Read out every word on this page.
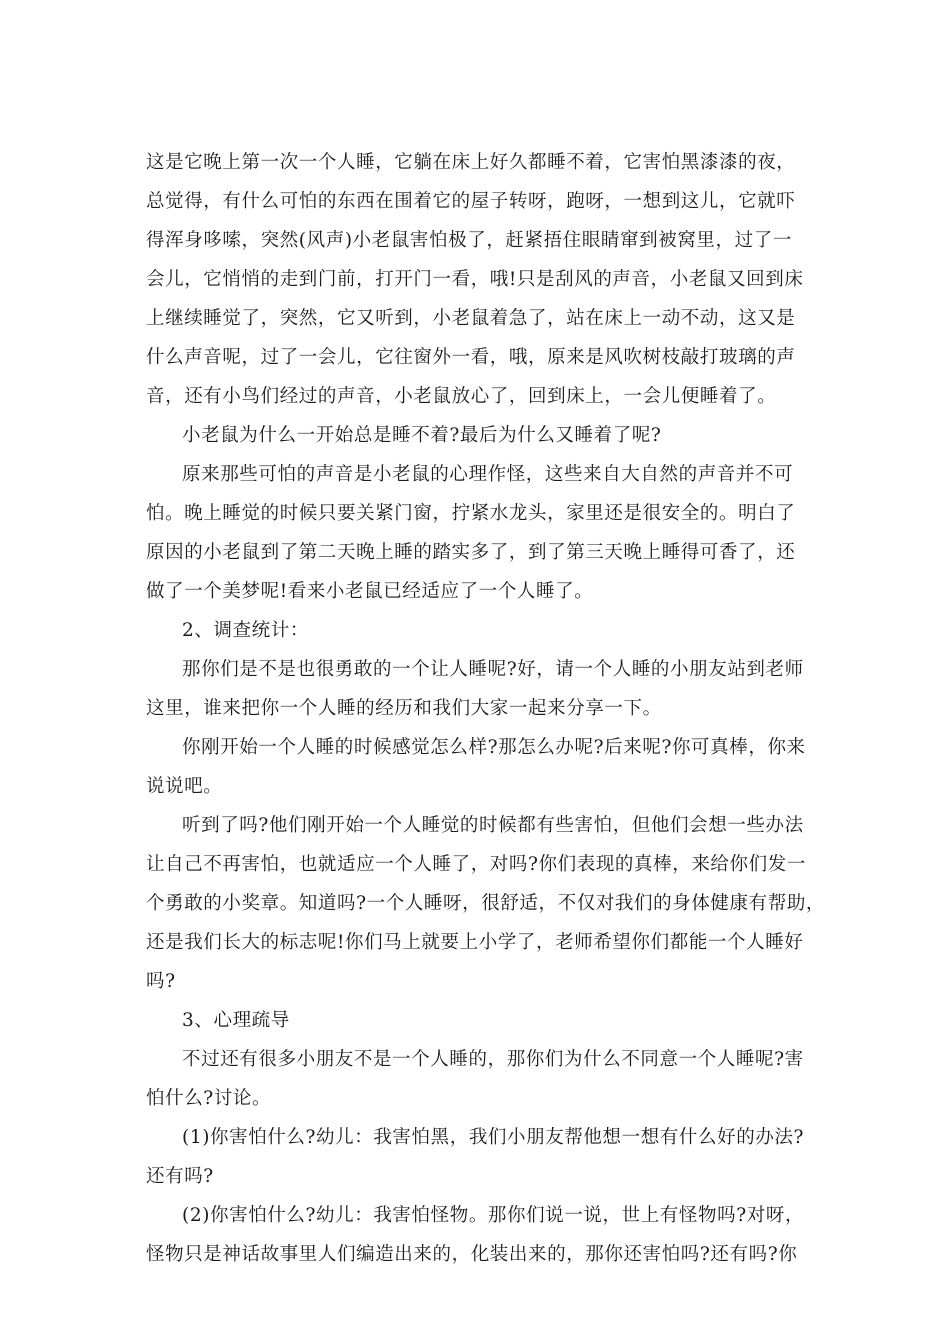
这是它晚上第一次一个人睡，它躺在床上好久都睡不着，它害怕黑漆漆的夜，
总觉得，有什么可怕的东西在围着它的屋子转呀，跑呀，一想到这儿，它就吓
得浑身哆嗦，突然(风声)小老鼠害怕极了，赶紧捂住眼睛窜到被窝里，过了一
会儿，它悄悄的走到门前，打开门一看，哦!只是刮风的声音，小老鼠又回到床
上继续睡觉了，突然，它又听到，小老鼠着急了，站在床上一动不动，这又是
什么声音呢，过了一会儿，它往窗外一看，哦，原来是风吹树枝敲打玻璃的声
音，还有小鸟们经过的声音，小老鼠放心了，回到床上，一会儿便睡着了。
小老鼠为什么一开始总是睡不着?最后为什么又睡着了呢?
原来那些可怕的声音是小老鼠的心理作怪，这些来自大自然的声音并不可
怕。晚上睡觉的时候只要关紧门窗，拧紧水龙头，家里还是很安全的。明白了
原因的小老鼠到了第二天晚上睡的踏实多了，到了第三天晚上睡得可香了，还
做了一个美梦呢!看来小老鼠已经适应了一个人睡了。
2、调查统计：
那你们是不是也很勇敢的一个让人睡呢?好，请一个人睡的小朋友站到老师
这里，谁来把你一个人睡的经历和我们大家一起来分享一下。
你刚开始一个人睡的时候感觉怎么样?那怎么办呢?后来呢?你可真棒，你来
说说吧。
听到了吗?他们刚开始一个人睡觉的时候都有些害怕，但他们会想一些办法
让自己不再害怕，也就适应一个人睡了，对吗?你们表现的真棒，来给你们发一
个勇敢的小奖章。知道吗?一个人睡呀，很舒适，不仅对我们的身体健康有帮助，
还是我们长大的标志呢!你们马上就要上小学了，老师希望你们都能一个人睡好
吗?
3、心理疏导
不过还有很多小朋友不是一个人睡的，那你们为什么不同意一个人睡呢?害
怕什么?讨论。
(1)你害怕什么?幼儿：我害怕黑，我们小朋友帮他想一想有什么好的办法?
还有吗?
(2)你害怕什么?幼儿：我害怕怪物。那你们说一说，世上有怪物吗?对呀，
怪物只是神话故事里人们编造出来的，化装出来的，那你还害怕吗?还有吗?你
